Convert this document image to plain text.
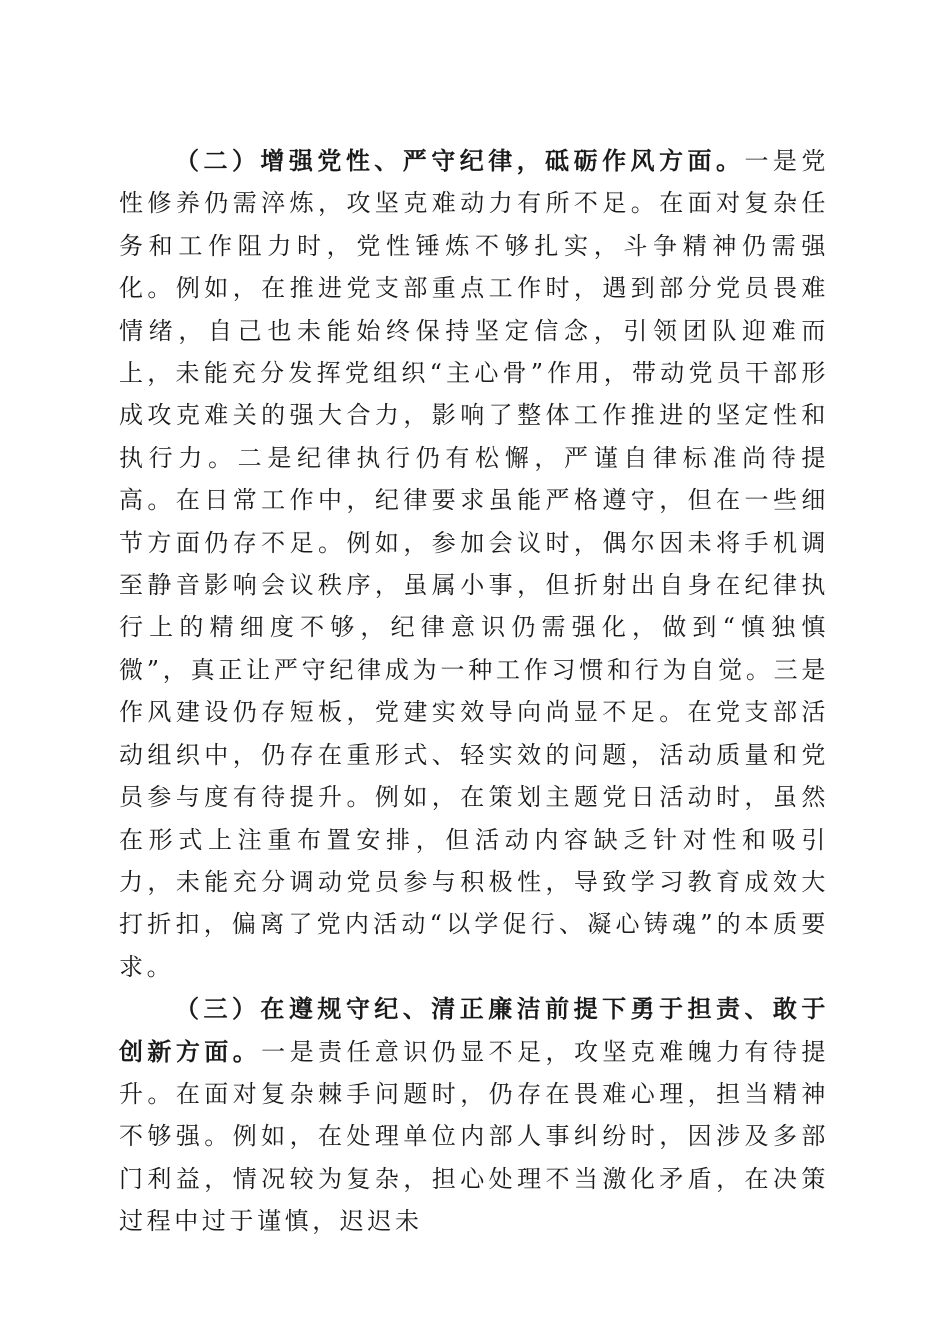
（二）增强党性、严守纪律，砥砺作风方面。一是党性修养仍需淬炼，攻坚克难动力有所不足。在面对复杂任务和工作阻力时，党性锤炼不够扎实，斗争精神仍需强化。例如，在推进党支部重点工作时，遇到部分党员畏难情绪，自己也未能始终保持坚定信念，引领团队迎难而上，未能充分发挥党组织“主心骨”作用，带动党员干部形成攻克难关的强大合力，影响了整体工作推进的坚定性和执行力。二是纪律执行仍有松懈，严谨自律标准尚待提高。在日常工作中，纪律要求虽能严格遵守，但在一些细节方面仍存不足。例如，参加会议时，偶尔因未将手机调至静音影响会议秩序，虽属小事，但折射出自身在纪律执行上的精细度不够，纪律意识仍需强化，做到“慎独慎微”，真正让严守纪律成为一种工作习惯和行为自觉。三是作风建设仍存短板，党建实效导向尚显不足。在党支部活动组织中，仍存在重形式、轻实效的问题，活动质量和党员参与度有待提升。例如，在策划主题党日活动时，虽然在形式上注重布置安排，但活动内容缺乏针对性和吸引力，未能充分调动党员参与积极性，导致学习教育成效大打折扣，偏离了党内活动“以学促行、凝心铸魂”的本质要求。

（三）在遵规守纪、清正廉洁前提下勇于担责、敢于创新方面。一是责任意识仍显不足，攻坚克难魄力有待提升。在面对复杂棘手问题时，仍存在畏难心理，担当精神不够强。例如，在处理单位内部人事纠纷时，因涉及多部门利益，情况较为复杂，担心处理不当激化矛盾，在决策过程中过于谨慎，迟迟未
